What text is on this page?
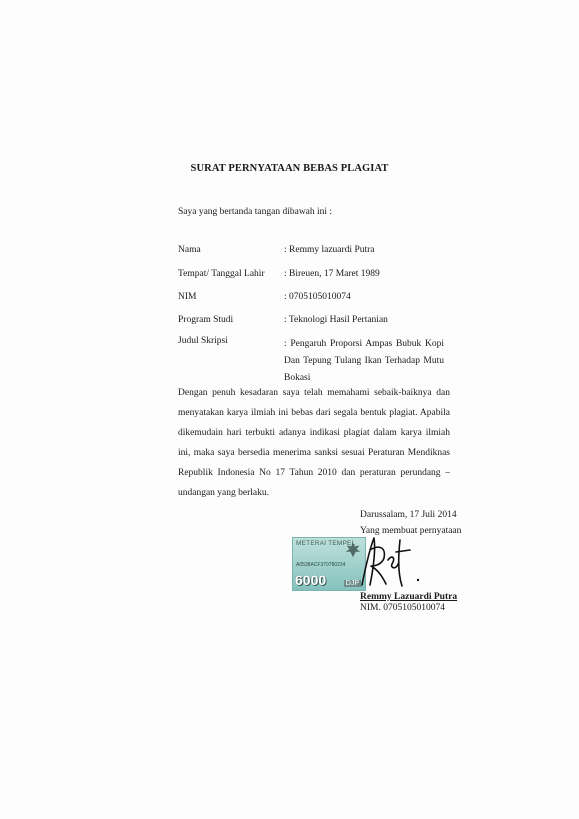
SURAT PERNYATAAN BEBAS PLAGIAT
Saya yang bertanda tangan dibawah ini :
Nama	: Remmy lazuardi Putra
Tempat/ Tanggal Lahir : Bireuen, 17 Maret 1989
NIM	: 0705105010074
Program Studi	: Teknologi Hasil Pertanian
Judul Skripsi	: Pengaruh Proporsi Ampas Bubuk Kopi Dan Tepung Tulang Ikan Terhadap Mutu Bokasi
Dengan penuh kesadaran saya telah memahami sebaik-baiknya dan menyatakan karya ilmiah ini bebas dari segala bentuk plagiat. Apabila dikemudain hari terbukti adanya indikasi plagiat dalam karya ilmiah ini, maka saya bersedia menerima sanksi sesuai Peraturan Mendiknas Republik Indonesia No 17 Tahun 2010 dan peraturan perundang – undangan yang berlaku.
Darussalam, 17 Juli 2014
Yang membuat pernyataan
METERAI TEMPEL
A0538ACF370780234
6000	DJP
Remmy Lazuardi Putra
NIM. 0705105010074
